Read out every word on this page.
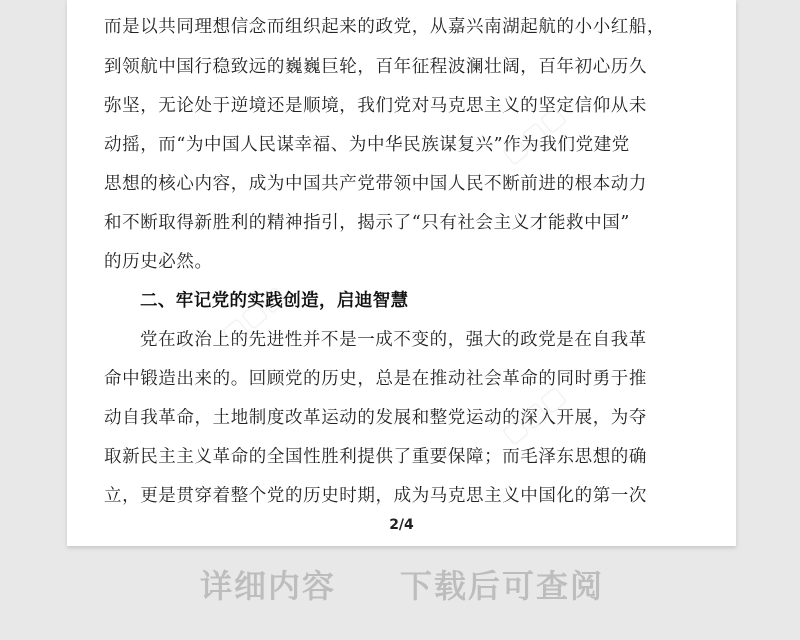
而是以共同理想信念而组织起来的政党，从嘉兴南湖起航的小小红船，
到领航中国行稳致远的巍巍巨轮，百年征程波澜壮阔，百年初心历久
弥坚，无论处于逆境还是顺境，我们党对马克思主义的坚定信仰从未
动摇，而“为中国人民谋幸福、为中华民族谋复兴”作为我们党建党
思想的核心内容，成为中国共产党带领中国人民不断前进的根本动力
和不断取得新胜利的精神指引，揭示了“只有社会主义才能救中国”
的历史必然。
二、牢记党的实践创造，启迪智慧
党在政治上的先进性并不是一成不变的，强大的政党是在自我革
命中锻造出来的。回顾党的历史，总是在推动社会革命的同时勇于推
动自我革命，土地制度改革运动的发展和整党运动的深入开展，为夺
取新民主主义革命的全国性胜利提供了重要保障；而毛泽东思想的确
立，更是贯穿着整个党的历史时期，成为马克思主义中国化的第一次
▢▢▢
▢▢▢
▢▢▢
2/4
详细内容 下载后可查阅
